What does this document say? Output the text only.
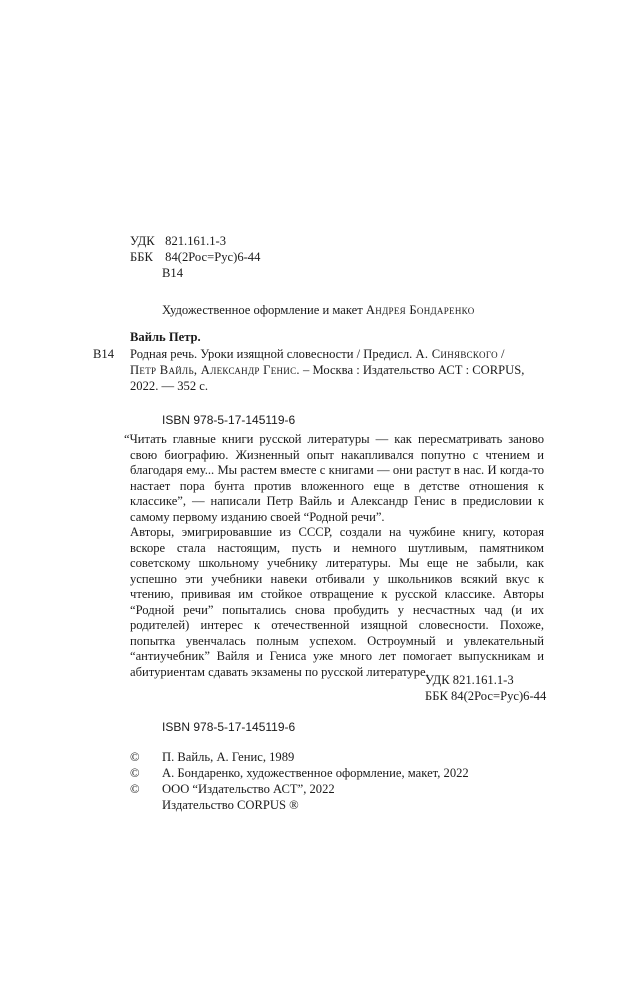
УДК 821.161.1-3
ББК 84(2Рос=Рус)6-44
В14
Художественное оформление и макет Андрея Бондаренко
Вайль Петр.
В14 Родная речь. Уроки изящной словесности / Предисл. А. Синявского /
Петр Вайль, Александр Генис. – Москва : Издательство АСТ : CORPUS,
2022. — 352 с.
ISBN 978-5-17-145119-6

“Читать главные книги русской литературы — как пересматривать заново свою биографию. Жизненный опыт накапливался попутно с чтением и благодаря ему... Мы растем вместе с книгами — они растут в нас. И когда-то настает пора бунта против вложенного еще в детстве отношения к классике”, — написали Петр Вайль и Александр Генис в предисловии к самому первому изданию своей “Родной речи”.

Авторы, эмигрировавшие из СССР, создали на чужбине книгу, которая вскоре стала настоящим, пусть и немного шутливым, памятником советскому школьному учебнику литературы. Мы еще не забыли, как успешно эти учебники навеки отбивали у школьников всякий вкус к чтению, прививая им стойкое отвращение к русской классике. Авторы “Родной речи” попытались снова пробудить у несчастных чад (и их родителей) интерес к отечественной изящной словесности. Похоже, попытка увенчалась полным успехом. Остроумный и увлекательный “антиучебник” Вайля и Гениса уже много лет помогает выпускникам и абитуриентам сдавать экзамены по русской литературе.

УДК 821.161.1-3
ББК 84(2Рос=Рус)6-44
ISBN 978-5-17-145119-6
© П. Вайль, А. Генис, 1989
© А. Бондаренко, художественное оформление, макет, 2022
© ООО “Издательство АСТ”, 2022
Издательство CORPUS ®
